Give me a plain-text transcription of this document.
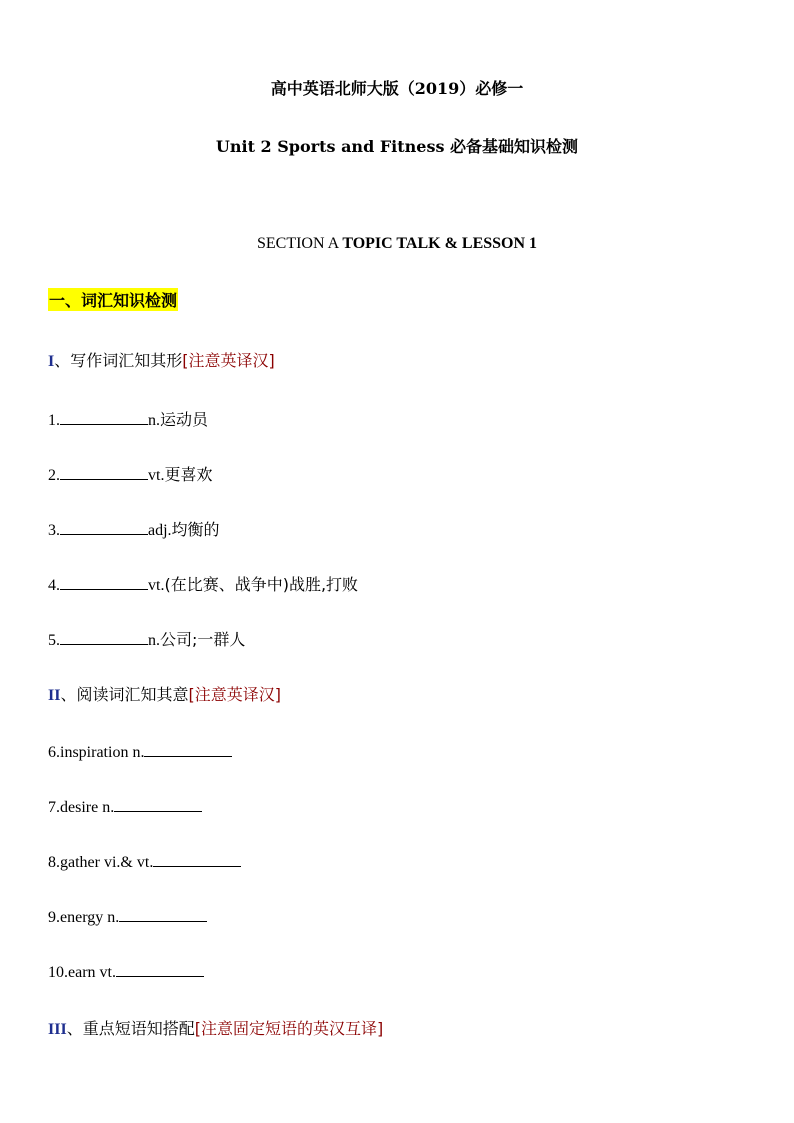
高中英语北师大版（2019）必修一
Unit 2 Sports and Fitness 必备基础知识检测
SECTION A TOPIC TALK & LESSON 1
一、词汇知识检测
I、写作词汇知其形[注意英译汉]
1.	n.运动员
2.	vt.更喜欢
3.	adj.均衡的
4.	vt.(在比赛、战争中)战胜,打败
5.	n.公司;一群人
II、阅读词汇知其意[注意英译汉]
6.inspiration n.
7.desire n.
8.gather vi.& vt.
9.energy n.
10.earn vt.
III、重点短语知搭配[注意固定短语的英汉互译]
